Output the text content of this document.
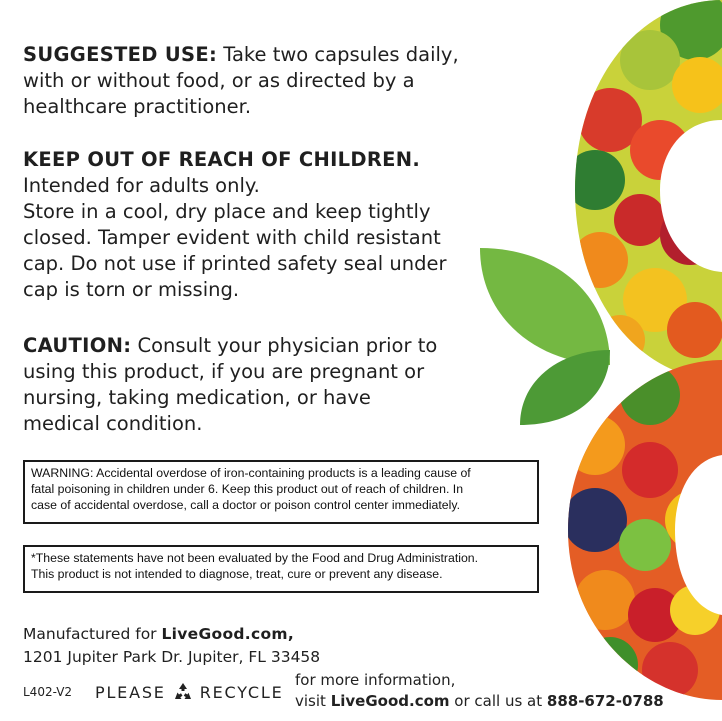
SUGGESTED USE: Take two capsules daily,
with or without food, or as directed by a
healthcare practitioner.
KEEP OUT OF REACH OF CHILDREN.
Intended for adults only.
Store in a cool, dry place and keep tightly
closed. Tamper evident with child resistant
cap. Do not use if printed safety seal under
cap is torn or missing.
CAUTION: Consult your physician prior to
using this product, if you are pregnant or
nursing, taking medication, or have
medical condition.
WARNING: Accidental overdose of iron-containing products is a leading cause of
fatal poisoning in children under 6. Keep this product out of reach of children. In
case of accidental overdose, call a doctor or poison control center immediately.
*These statements have not been evaluated by the Food and Drug Administration.
This product is not intended to diagnose, treat, cure or prevent any disease.
Manufactured for LiveGood.com,
1201 Jupiter Park Dr. Jupiter, FL 33458
L402-V2 PLEASE RECYCLE
for more information,
visit LiveGood.com or call us at 888-672-0788
